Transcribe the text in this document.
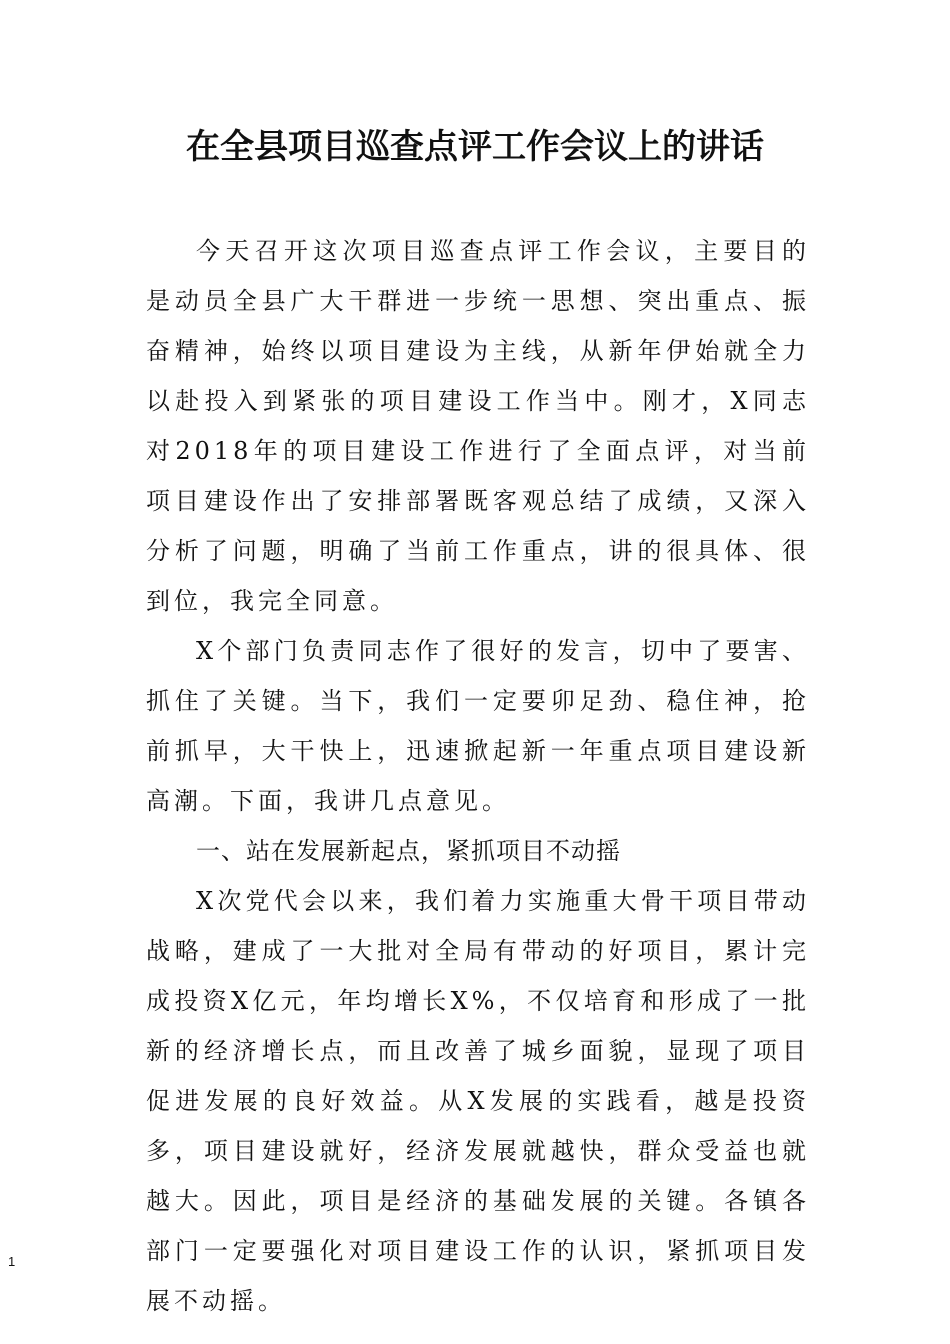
在全县项目巡查点评工作会议上的讲话

今天召开这次项目巡查点评工作会议，主要目的是动员全县广大干群进一步统一思想、突出重点、振奋精神，始终以项目建设为主线，从新年伊始就全力以赴投入到紧张的项目建设工作当中。刚才，X同志对2018年的项目建设工作进行了全面点评，对当前项目建设作出了安排部署既客观总结了成绩，又深入分析了问题，明确了当前工作重点，讲的很具体、很到位，我完全同意。

X个部门负责同志作了很好的发言，切中了要害、抓住了关键。当下，我们一定要卯足劲、稳住神，抢前抓早，大干快上，迅速掀起新一年重点项目建设新高潮。下面，我讲几点意见。

一、站在发展新起点，紧抓项目不动摇

X次党代会以来，我们着力实施重大骨干项目带动战略，建成了一大批对全局有带动的好项目，累计完成投资X亿元，年均增长X%，不仅培育和形成了一批新的经济增长点，而且改善了城乡面貌，显现了项目促进发展的良好效益。从X发展的实践看，越是投资多，项目建设就好，经济发展就越快，群众受益也就越大。因此，项目是经济的基础发展的关键。各镇各部门一定要强化对项目建设工作的认识，紧抓项目发展不动摇。

1
